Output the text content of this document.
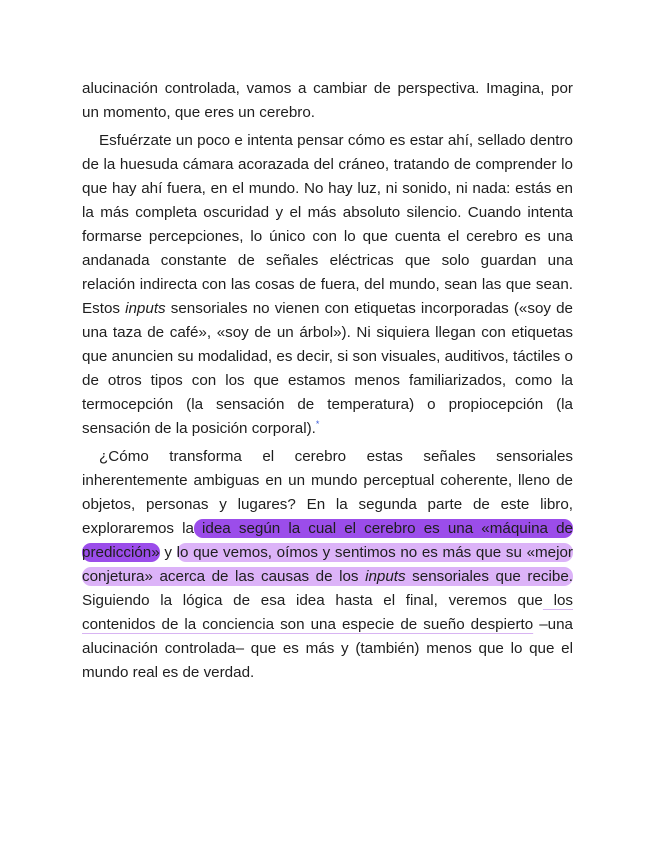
alucinación controlada, vamos a cambiar de perspectiva. Imagina, por un momento, que eres un cerebro.

Esfuérzate un poco e intenta pensar cómo es estar ahí, sellado dentro de la huesuda cámara acorazada del cráneo, tratando de comprender lo que hay ahí fuera, en el mundo. No hay luz, ni sonido, ni nada: estás en la más completa oscuridad y el más absoluto silencio. Cuando intenta formarse percepciones, lo único con lo que cuenta el cerebro es una andanada constante de señales eléctricas que solo guardan una relación indirecta con las cosas de fuera, del mundo, sean las que sean. Estos inputs sensoriales no vienen con etiquetas incorporadas («soy de una taza de café», «soy de un árbol»). Ni siquiera llegan con etiquetas que anuncien su modalidad, es decir, si son visuales, auditivos, táctiles o de otros tipos con los que estamos menos familiarizados, como la termocepción (la sensación de temperatura) o propiocepción (la sensación de la posición corporal).*

¿Cómo transforma el cerebro estas señales sensoriales inherentemente ambiguas en un mundo perceptual coherente, lleno de objetos, personas y lugares? En la segunda parte de este libro, exploraremos la idea según la cual el cerebro es una «máquina de predicción» y lo que vemos, oímos y sentimos no es más que su «mejor conjetura» acerca de las causas de los inputs sensoriales que recibe. Siguiendo la lógica de esa idea hasta el final, veremos que los contenidos de la conciencia son una especie de sueño despierto –una alucinación controlada– que es más y (también) menos que lo que el mundo real es de verdad.
